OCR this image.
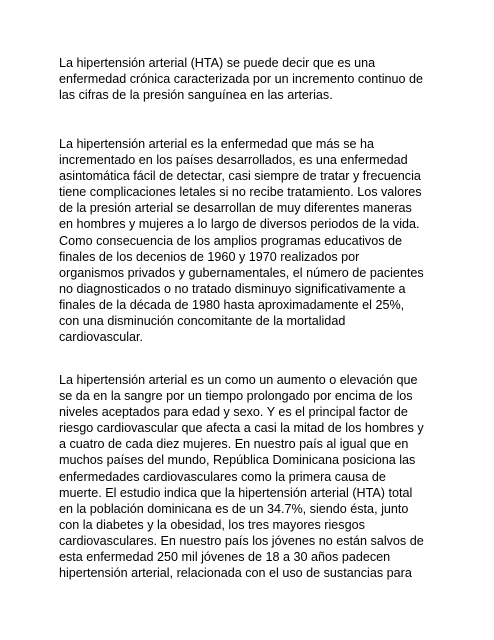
La hipertensión arterial (HTA) se puede decir que es una
enfermedad crónica caracterizada por un incremento continuo de
las cifras de la presión sanguínea en las arterias.

La hipertensión arterial es la enfermedad que más se ha
incrementado en los países desarrollados, es una enfermedad
asintomática fácil de detectar, casi siempre de tratar y frecuencia
tiene complicaciones letales si no recibe tratamiento. Los valores
de la presión arterial se desarrollan de muy diferentes maneras
en hombres y mujeres a lo largo de diversos periodos de la vida.
Como consecuencia de los amplios programas educativos de
finales de los decenios de 1960 y 1970 realizados por
organismos privados y gubernamentales, el número de pacientes
no diagnosticados o no tratado disminuyo significativamente a
finales de la década de 1980 hasta aproximadamente el 25%,
con una disminución concomitante de la mortalidad
cardiovascular.

La hipertensión arterial es un como un aumento o elevación que
se da en la sangre por un tiempo prolongado por encima de los
niveles aceptados para edad y sexo. Y es el principal factor de
riesgo cardiovascular que afecta a casi la mitad de los hombres y
a cuatro de cada diez mujeres. En nuestro país al igual que en
muchos países del mundo, República Dominicana posiciona las
enfermedades cardiovasculares como la primera causa de
muerte. El estudio indica que la hipertensión arterial (HTA) total
en la población dominicana es de un 34.7%, siendo ésta, junto
con la diabetes y la obesidad, los tres mayores riesgos
cardiovasculares. En nuestro país los jóvenes no están salvos de
esta enfermedad 250 mil jóvenes de 18 a 30 años padecen
hipertensión arterial, relacionada con el uso de sustancias para
